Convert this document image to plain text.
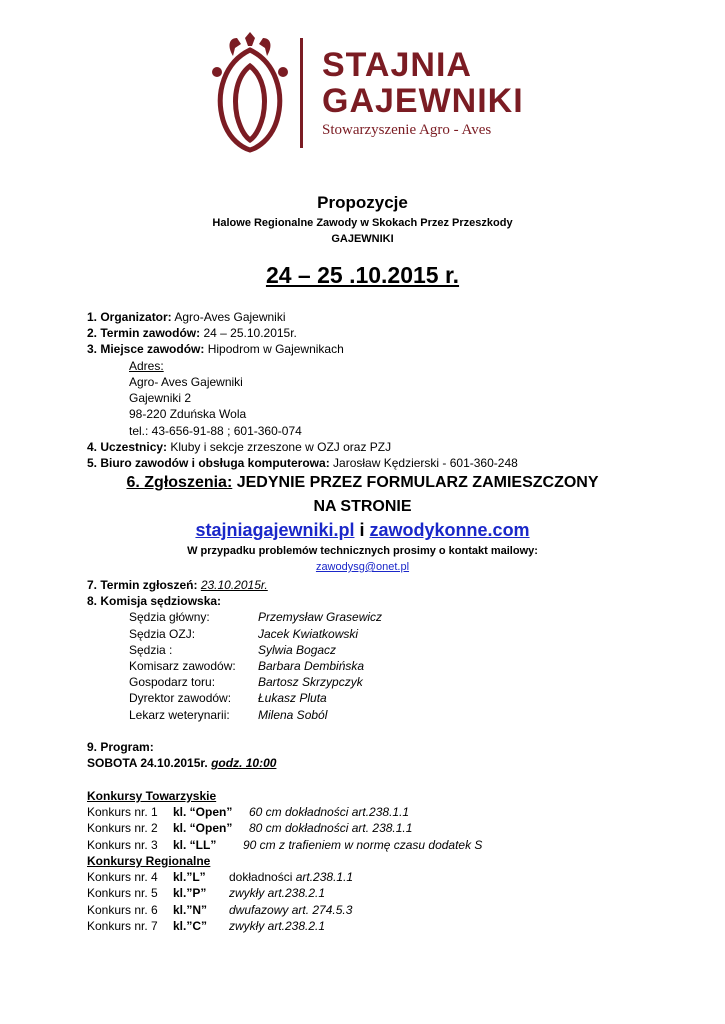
STAJNIA
GAJEWNIKI
Stowarzyszenie Agro - Aves
Propozycje
Halowe Regionalne Zawody w Skokach Przez Przeszkody
GAJEWNIKI
24 – 25 .10.2015 r.
1. Organizator: Agro-Aves Gajewniki
2. Termin zawodów: 24 – 25.10.2015r.
3. Miejsce zawodów: Hipodrom w Gajewnikach
Adres:
Agro- Aves Gajewniki
Gajewniki 2
98-220 Zduńska Wola
tel.: 43-656-91-88 ; 601-360-074
4. Uczestnicy: Kluby i sekcje zrzeszone w OZJ oraz PZJ
5. Biuro zawodów i obsługa komputerowa: Jarosław Kędzierski - 601-360-248
6. Zgłoszenia: JEDYNIE PRZEZ FORMULARZ ZAMIESZCZONY
NA STRONIE
stajniagajewniki.pl i zawodykonne.com
W przypadku problemów technicznych prosimy o kontakt mailowy:
zawodysg@onet.pl
7. Termin zgłoszeń: 23.10.2015r.
8. Komisja sędziowska:
Sędzia główny:	Przemysław Grasewicz
Sędzia OZJ:	Jacek Kwiatkowski
Sędzia :	Sylwia Bogacz
Komisarz zawodów: Barbara Dembińska
Gospodarz toru:	Bartosz Skrzypczyk
Dyrektor zawodów: Łukasz Pluta
Lekarz weterynarii: Milena Soból
9. Program:
SOBOTA 24.10.2015r. godz. 10:00
Konkursy Towarzyskie
Konkurs nr. 1 kl. “Open” 60 cm dokładności art.238.1.1
Konkurs nr. 2 kl. “Open” 80 cm dokładności art. 238.1.1
Konkurs nr. 3 kl. “LL” 90 cm z trafieniem w normę czasu dodatek S
Konkursy Regionalne
Konkurs nr. 4 kl.”L” dokładności art.238.1.1
Konkurs nr. 5 kl.”P” zwykły art.238.2.1
Konkurs nr. 6 kl.”N” dwufazowy art. 274.5.3
Konkurs nr. 7 kl.”C” zwykły art.238.2.1
